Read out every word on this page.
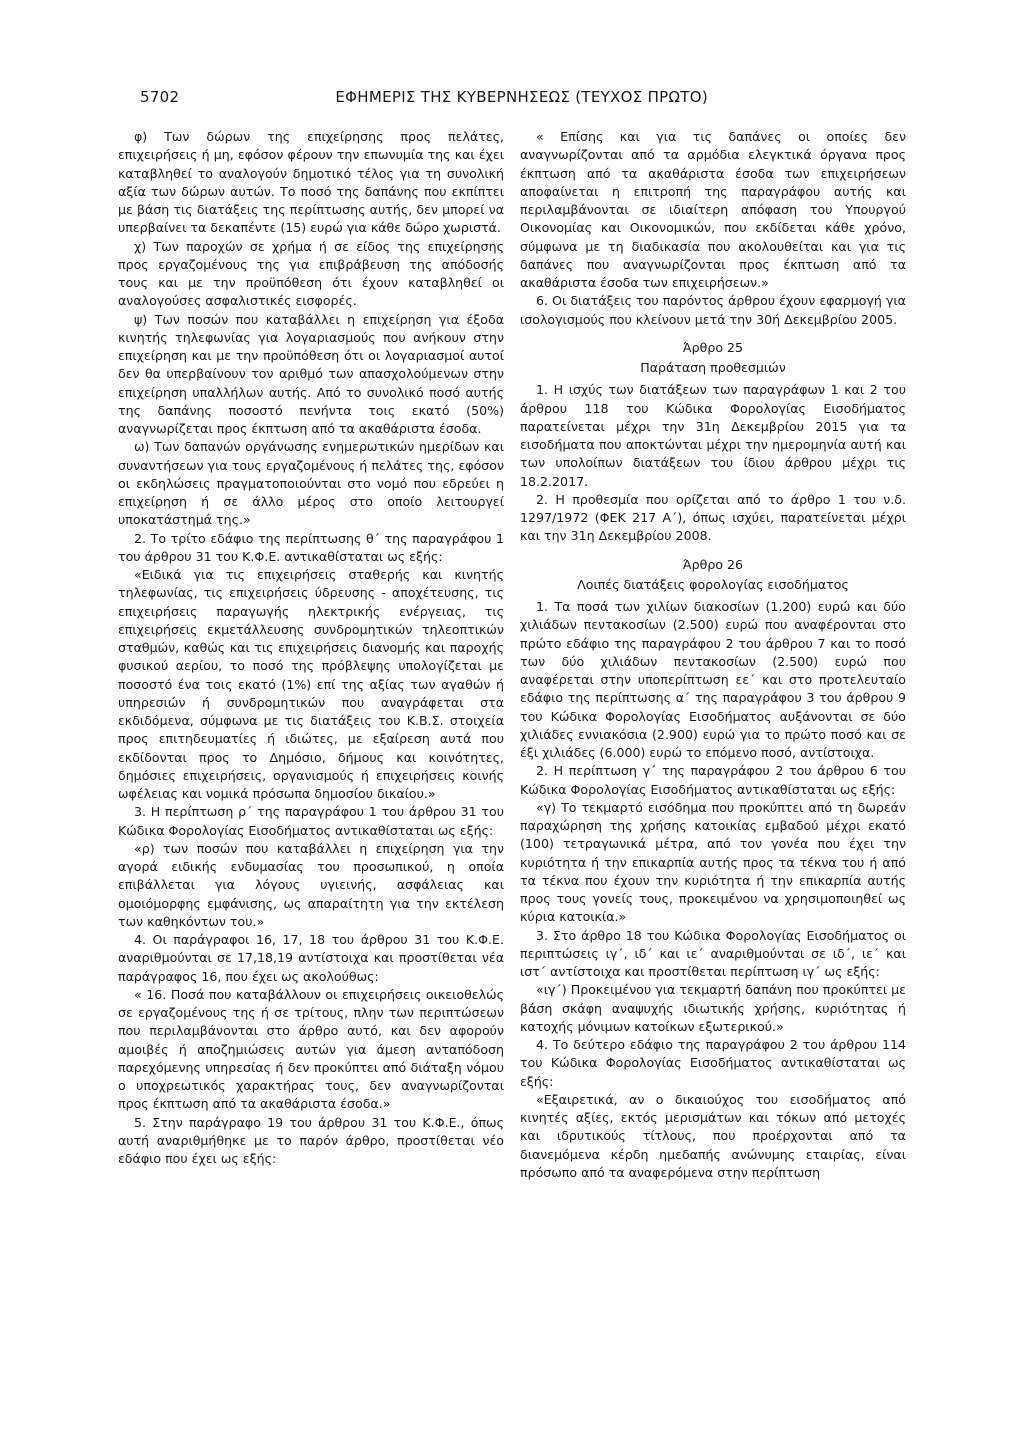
5702	ΕΦΗΜΕΡΙΣ ΤΗΣ ΚΥΒΕΡΝΗΣΕΩΣ (ΤΕΥΧΟΣ ΠΡΩΤΟ)

φ) Των δώρων της επιχείρησης προς πελάτες, επιχειρήσεις ή μη, εφόσον φέρουν την επωνυμία της και έχει καταβληθεί το αναλογούν δημοτικό τέλος για τη συνολική αξία των δώρων αυτών. Το ποσό της δαπάνης που εκπίπτει με βάση τις διατάξεις της περίπτωσης αυτής, δεν μπορεί να υπερβαίνει τα δεκαπέντε (15) ευρώ για κάθε δώρο χωριστά.

χ) Των παροχών σε χρήμα ή σε είδος της επιχείρησης προς εργαζομένους της για επιβράβευση της απόδοσής τους και με την προϋπόθεση ότι έχουν καταβληθεί οι αναλογούσες ασφαλιστικές εισφορές.

ψ) Των ποσών που καταβάλλει η επιχείρηση για έξοδα κινητής τηλεφωνίας για λογαριασμούς που ανήκουν στην επιχείρηση και με την προϋπόθεση ότι οι λογαριασμοί αυτοί δεν θα υπερβαίνουν τον αριθμό των απασχολούμενων στην επιχείρηση υπαλλήλων αυτής. Από το συνολικό ποσό αυτής της δαπάνης ποσοστό πενήντα τοις εκατό (50%) αναγνωρίζεται προς έκπτωση από τα ακαθάριστα έσοδα.

ω) Των δαπανών οργάνωσης ενημερωτικών ημερίδων και συναντήσεων για τους εργαζομένους ή πελάτες της, εφόσον οι εκδηλώσεις πραγματοποιούνται στο νομό που εδρεύει η επιχείρηση ή σε άλλο μέρος στο οποίο λειτουργεί υποκατάστημά της.»

2. Το τρίτο εδάφιο της περίπτωσης θ΄ της παραγράφου 1 του άρθρου 31 του Κ.Φ.Ε. αντικαθίσταται ως εξής:

«Ειδικά για τις επιχειρήσεις σταθερής και κινητής τηλεφωνίας, τις επιχειρήσεις ύδρευσης - αποχέτευσης, τις επιχειρήσεις παραγωγής ηλεκτρικής ενέργειας, τις επιχειρήσεις εκμετάλλευσης συνδρομητικών τηλεοπτικών σταθμών, καθώς και τις επιχειρήσεις διανομής και παροχής φυσικού αερίου, το ποσό της πρόβλεψης υπολογίζεται με ποσοστό ένα τοις εκατό (1%) επί της αξίας των αγαθών ή υπηρεσιών ή συνδρομητικών που αναγράφεται στα εκδιδόμενα, σύμφωνα με τις διατάξεις του Κ.Β.Σ. στοιχεία προς επιτηδευματίες ή ιδιώτες, με εξαίρεση αυτά που εκδίδονται προς το Δημόσιο, δήμους και κοινότητες, δημόσιες επιχειρήσεις, οργανισμούς ή επιχειρήσεις κοινής ωφέλειας και νομικά πρόσωπα δημοσίου δικαίου.»

3. Η περίπτωση ρ΄ της παραγράφου 1 του άρθρου 31 του Κώδικα Φορολογίας Εισοδήματος αντικαθίσταται ως εξής:

«ρ) των ποσών που καταβάλλει η επιχείρηση για την αγορά ειδικής ενδυμασίας του προσωπικού, η οποία επιβάλλεται για λόγους υγιεινής, ασφάλειας και ομοιόμορφης εμφάνισης, ως απαραίτητη για την εκτέλεση των καθηκόντων του.»

4. Οι παράγραφοι 16, 17, 18 του άρθρου 31 του Κ.Φ.Ε. αναριθμούνται σε 17,18,19 αντίστοιχα και προστίθεται νέα παράγραφος 16, που έχει ως ακολούθως:

« 16. Ποσά που καταβάλλουν οι επιχειρήσεις οικειοθελώς σε εργαζομένους της ή σε τρίτους, πλην των περιπτώσεων που περιλαμβάνονται στο άρθρο αυτό, και δεν αφορούν αμοιβές ή αποζημιώσεις αυτών για άμεση ανταπόδοση παρεχόμενης υπηρεσίας ή δεν προκύπτει από διάταξη νόμου ο υποχρεωτικός χαρακτήρας τους, δεν αναγνωρίζονται προς έκπτωση από τα ακαθάριστα έσοδα.»

5. Στην παράγραφο 19 του άρθρου 31 του Κ.Φ.Ε., όπως αυτή αναριθμήθηκε με το παρόν άρθρο, προστίθεται νέο εδάφιο που έχει ως εξής:

« Επίσης και για τις δαπάνες οι οποίες δεν αναγνωρίζονται από τα αρμόδια ελεγκτικά όργανα προς έκπτωση από τα ακαθάριστα έσοδα των επιχειρήσεων αποφαίνεται η επιτροπή της παραγράφου αυτής και περιλαμβάνονται σε ιδιαίτερη απόφαση του Υπουργού Οικονομίας και Οικονομικών, που εκδίδεται κάθε χρόνο, σύμφωνα με τη διαδικασία που ακολουθείται και για τις δαπάνες που αναγνωρίζονται προς έκπτωση από τα ακαθάριστα έσοδα των επιχειρήσεων.»

6. Οι διατάξεις του παρόντος άρθρου έχουν εφαρμογή για ισολογισμούς που κλείνουν μετά την 30ή Δεκεμβρίου 2005.

Άρθρο 25

Παράταση προθεσμιών

1. Η ισχύς των διατάξεων των παραγράφων 1 και 2 του άρθρου 118 του Κώδικα Φορολογίας Εισοδήματος παρατείνεται μέχρι την 31η Δεκεμβρίου 2015 για τα εισοδήματα που αποκτώνται μέχρι την ημερομηνία αυτή και των υπολοίπων διατάξεων του ίδιου άρθρου μέχρι τις 18.2.2017.

2. Η προθεσμία που ορίζεται από το άρθρο 1 του ν.δ. 1297/1972 (ΦΕΚ 217 Α΄), όπως ισχύει, παρατείνεται μέχρι και την 31η Δεκεμβρίου 2008.

Άρθρο 26

Λοιπές διατάξεις φορολογίας εισοδήματος

1. Τα ποσά των χιλίων διακοσίων (1.200) ευρώ και δύο χιλιάδων πεντακοσίων (2.500) ευρώ που αναφέρονται στο πρώτο εδάφιο της παραγράφου 2 του άρθρου 7 και το ποσό των δύο χιλιάδων πεντακοσίων (2.500) ευρώ που αναφέρεται στην υποπερίπτωση εε΄ και στο προτελευταίο εδάφιο της περίπτωσης α΄ της παραγράφου 3 του άρθρου 9 του Κώδικα Φορολογίας Εισοδήματος αυξάνονται σε δύο χιλιάδες εννιακόσια (2.900) ευρώ για το πρώτο ποσό και σε έξι χιλιάδες (6.000) ευρώ το επόμενο ποσό, αντίστοιχα.

2. Η περίπτωση γ΄ της παραγράφου 2 του άρθρου 6 του Κώδικα Φορολογίας Εισοδήματος αντικαθίσταται ως εξής:

«γ) Το τεκμαρτό εισόδημα που προκύπτει από τη δωρεάν παραχώρηση της χρήσης κατοικίας εμβαδού μέχρι εκατό (100) τετραγωνικά μέτρα, από τον γονέα που έχει την κυριότητα ή την επικαρπία αυτής προς τα τέκνα του ή από τα τέκνα που έχουν την κυριότητα ή την επικαρπία αυτής προς τους γονείς τους, προκειμένου να χρησιμοποιηθεί ως κύρια κατοικία.»

3. Στο άρθρο 18 του Κώδικα Φορολογίας Εισοδήματος οι περιπτώσεις ιγ΄, ιδ΄ και ιε΄ αναριθμούνται σε ιδ΄, ιε΄ και ιστ΄ αντίστοιχα και προστίθεται περίπτωση ιγ΄ ως εξής:

«ιγ΄) Προκειμένου για τεκμαρτή δαπάνη που προκύπτει με βάση σκάφη αναψυχής ιδιωτικής χρήσης, κυριότητας ή κατοχής μόνιμων κατοίκων εξωτερικού.»

4. Το δεύτερο εδάφιο της παραγράφου 2 του άρθρου 114 του Κώδικα Φορολογίας Εισοδήματος αντικαθίσταται ως εξής:

«Εξαιρετικά, αν ο δικαιούχος του εισοδήματος από κινητές αξίες, εκτός μερισμάτων και τόκων από μετοχές και ιδρυτικούς τίτλους, που προέρχονται από τα διανεμόμενα κέρδη ημεδαπής ανώνυμης εταιρίας, είναι πρόσωπο από τα αναφερόμενα στην περίπτωση
